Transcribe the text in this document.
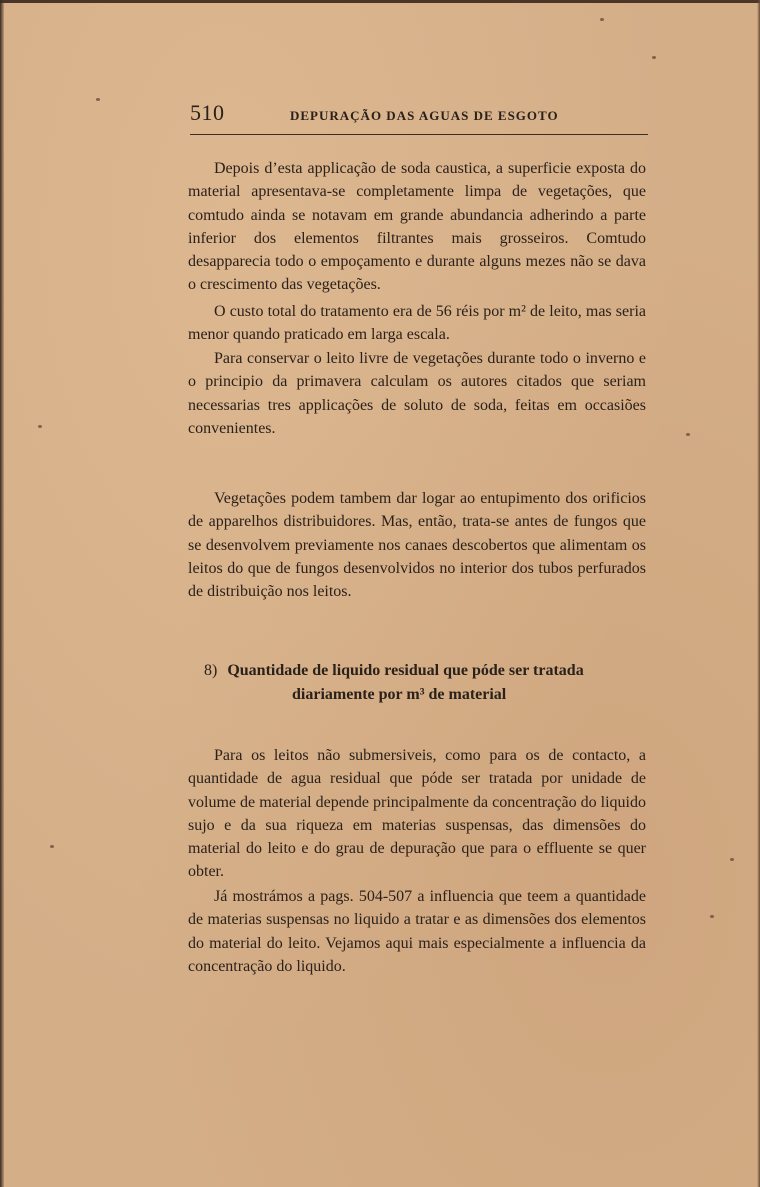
510	DEPURAÇÃO DAS AGUAS DE ESGOTO

Depois d’esta applicação de soda caustica, a superficie exposta do material apresentava-se completamente limpa de vegetações, que comtudo ainda se notavam em grande abundancia adherindo a parte inferior dos elementos filtrantes mais grosseiros. Comtudo desapparecia todo o empoçamento e durante alguns mezes não se dava o crescimento das vegetações.

O custo total do tratamento era de 56 réis por m² de leito, mas seria menor quando praticado em larga escala.

Para conservar o leito livre de vegetações durante todo o inverno e o principio da primavera calculam os autores citados que seriam necessarias tres applicações de soluto de soda, feitas em occasiões convenientes.

Vegetações podem tambem dar logar ao entupimento dos orificios de apparelhos distribuidores. Mas, então, trata-se antes de fungos que se desenvolvem previamente nos canaes descobertos que alimentam os leitos do que de fungos desenvolvidos no interior dos tubos perfurados de distribuição nos leitos.

8) Quantidade de liquido residual que póde ser tratada
diariamente por m³ de material

Para os leitos não submersiveis, como para os de contacto, a quantidade de agua residual que póde ser tratada por unidade de volume de material depende principalmente da concentração do liquido sujo e da sua riqueza em materias suspensas, das dimensões do material do leito e do grau de depuração que para o effluente se quer obter.

Já mostrámos a pags. 504-507 a influencia que teem a quantidade de materias suspensas no liquido a tratar e as dimensões dos elementos do material do leito. Vejamos aqui mais especialmente a influencia da concentração do liquido.
